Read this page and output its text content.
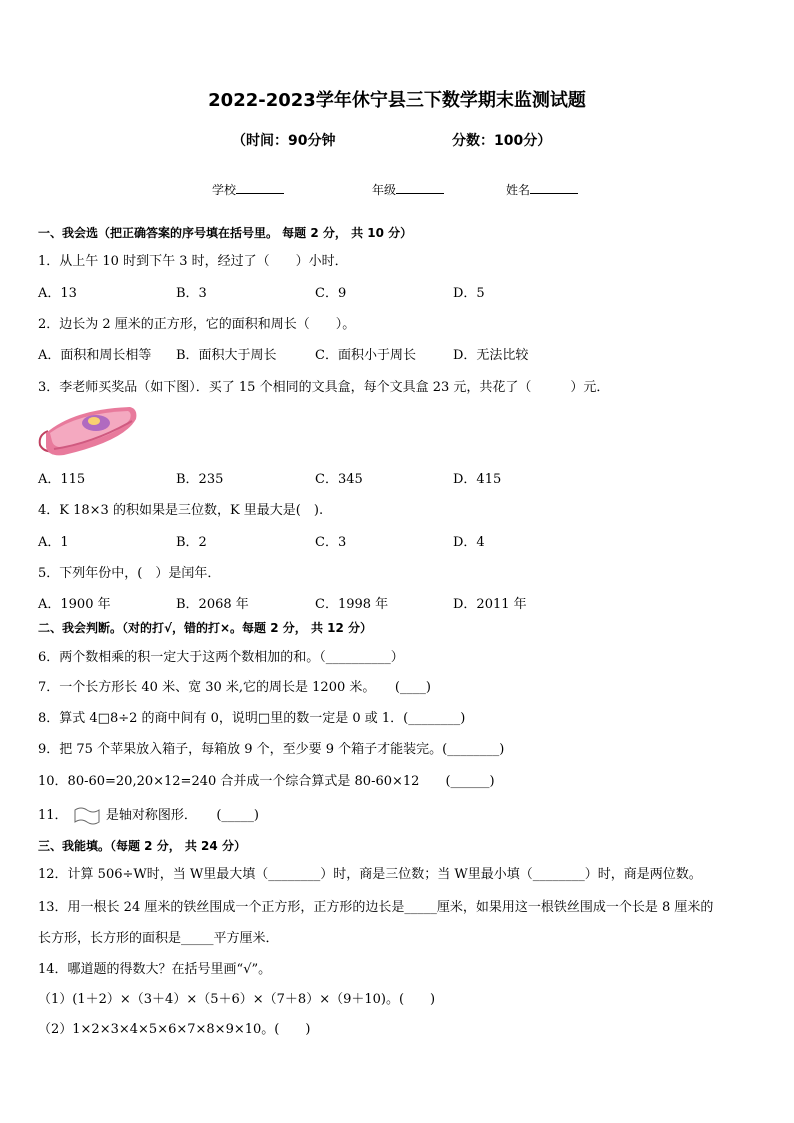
2022-2023学年休宁县三下数学期末监测试题
（时间：90分钟	分数：100分）
学校	年级	姓名
一、我会选（把正确答案的序号填在括号里。 每题 2 分， 共 10 分）
1．从上午 10 时到下午 3 时，经过了（　　）小时．
A．13	B．3	C．9	D．5
2．边长为 2 厘米的正方形，它的面积和周长（　　）。
A．面积和周长相等 B．面积大于周长	C．面积小于周长	D．无法比较
3．李老师买奖品（如下图）．买了 15 个相同的文具盒，每个文具盒 23 元，共花了（　　　）元．
A．115	B．235	C．345	D．415
4．K 18×3 的积如果是三位数，K 里最大是(　).
A．1	B．2	C．3	D．4
5．下列年份中，(　）是闰年．
A．1900 年	B．2068 年	C．1998 年	D．2011 年
二、我会判断。（对的打√，错的打×。每题 2 分， 共 12 分）
6．两个数相乘的积一定大于这两个数相加的和。（__________）
7．一个长方形长 40 米、宽 30 米,它的周长是 1200 米。　　(____)
8．算式 4□8÷2 的商中间有 0，说明□里的数一定是 0 或 1．(________)
9．把 75 个苹果放入箱子，每箱放 9 个，至少要 9 个箱子才能装完。(________)
10．80-60=20,20×12=240 合并成一个综合算式是 80-60×12　　(______)
11．	是轴对称图形．　　(_____)
三、我能填。（每题 2 分， 共 24 分）
12．计算 506÷W时，当 W里最大填（________）时，商是三位数；当 W里最小填（________）时，商是两位数。
13．用一根长 24 厘米的铁丝围成一个正方形，正方形的边长是_____厘米，如果用这一根铁丝围成一个长是 8 厘米的
长方形，长方形的面积是_____平方厘米．
14．哪道题的得数大？在括号里画“√”。
（1）(1＋2）×（3＋4）×（5＋6）×（7＋8）×（9＋10)。(　　)
（2）1×2×3×4×5×6×7×8×9×10。(　　)
